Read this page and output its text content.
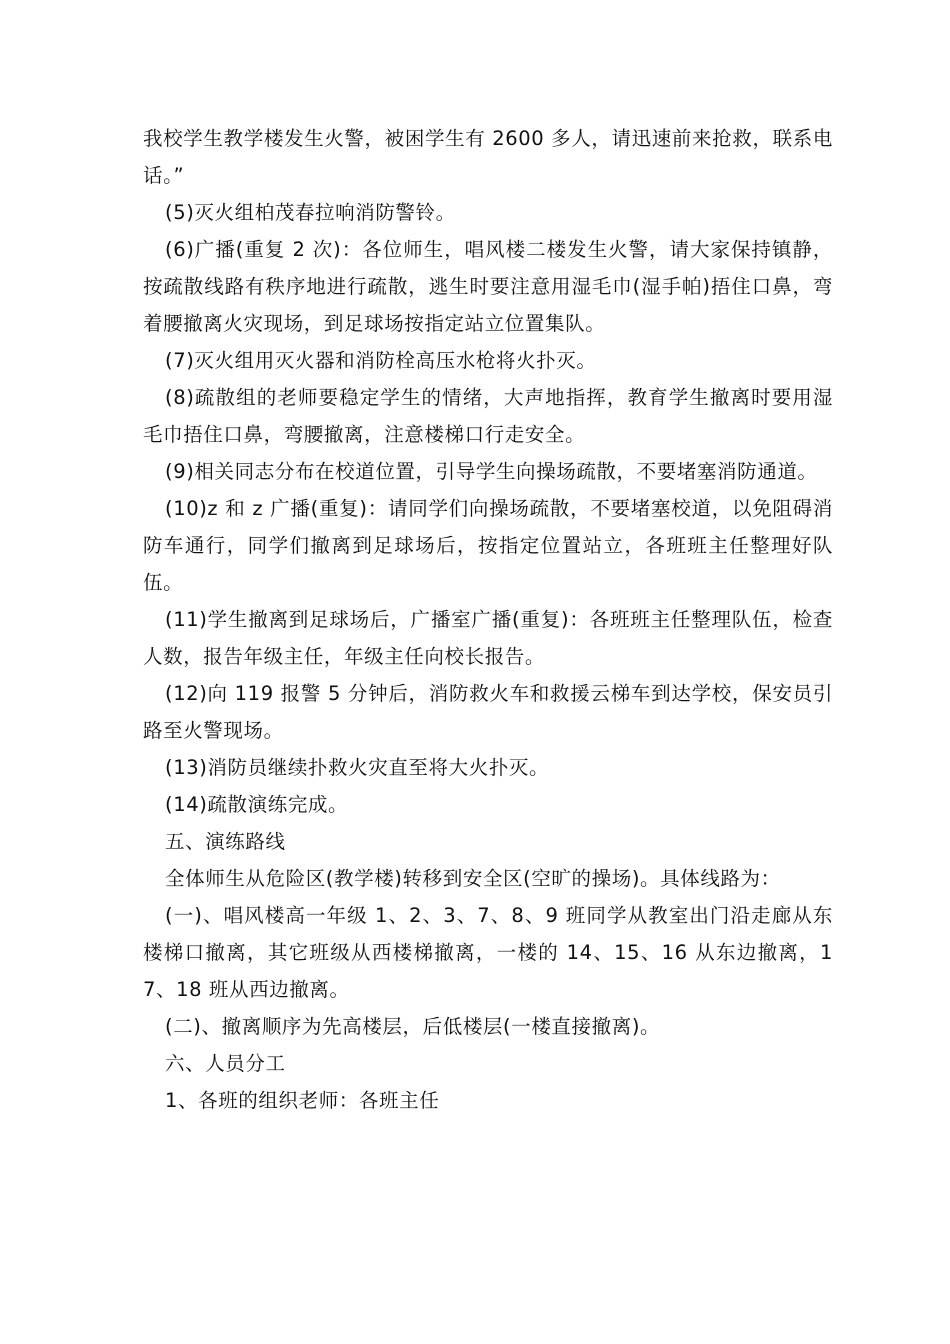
我校学生教学楼发生火警，被困学生有 2600 多人，请迅速前来抢救，联系电话。”

(5)灭火组柏茂春拉响消防警铃。

(6)广播(重复 2 次)：各位师生，唱风楼二楼发生火警，请大家保持镇静，按疏散线路有秩序地进行疏散，逃生时要注意用湿毛巾(湿手帕)捂住口鼻，弯着腰撤离火灾现场，到足球场按指定站立位置集队。

(7)灭火组用灭火器和消防栓高压水枪将火扑灭。

(8)疏散组的老师要稳定学生的情绪，大声地指挥，教育学生撤离时要用湿毛巾捂住口鼻，弯腰撤离，注意楼梯口行走安全。

(9)相关同志分布在校道位置，引导学生向操场疏散，不要堵塞消防通道。

(10)z 和 z 广播(重复)：请同学们向操场疏散，不要堵塞校道，以免阻碍消防车通行，同学们撤离到足球场后，按指定位置站立，各班班主任整理好队伍。

(11)学生撤离到足球场后，广播室广播(重复)：各班班主任整理队伍，检查人数，报告年级主任，年级主任向校长报告。

(12)向 119 报警 5 分钟后，消防救火车和救援云梯车到达学校，保安员引路至火警现场。

(13)消防员继续扑救火灾直至将大火扑灭。

(14)疏散演练完成。

五、演练路线

全体师生从危险区(教学楼)转移到安全区(空旷的操场)。具体线路为：

(一)、唱风楼高一年级 1、2、3、7、8、9 班同学从教室出门沿走廊从东楼梯口撤离，其它班级从西楼梯撤离，一楼的 14、15、16 从东边撤离，17、18 班从西边撤离。

(二)、撤离顺序为先高楼层，后低楼层(一楼直接撤离)。

六、人员分工

1、各班的组织老师：各班主任
